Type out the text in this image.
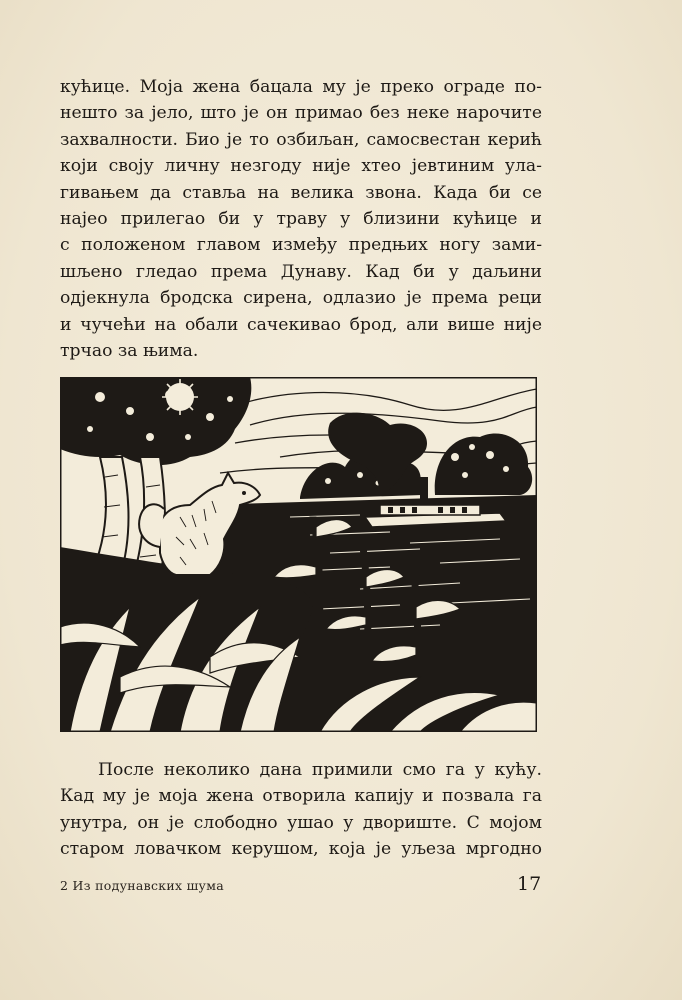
кућице. Моја жена бацала му је преко ограде по-
нешто за јело, што је он примао без неке нарочите
захвалности. Био је то озбиљан, самосвестан керић
који своју личну незгоду није хтео јевтиним ула-
гивањем да ставља на велика звона. Када би се
најео прилегао би у траву у близини кућице и
с положеном главом између предњих ногу зами-
шљено гледао према Дунаву. Кад би у даљини
одјекнула бродска сирена, одлазио је према реци
и чучећи на обали сачекивао брод, али више није
трчао за њима.

После неколико дана примили смо га у кућу.
Кад му је моја жена отворила капију и позвала га
унутра, он је слободно ушао у двориште. С мојом
старом ловачком керушом, која је уљеза мргодно

2 Из подунавских шума	17
